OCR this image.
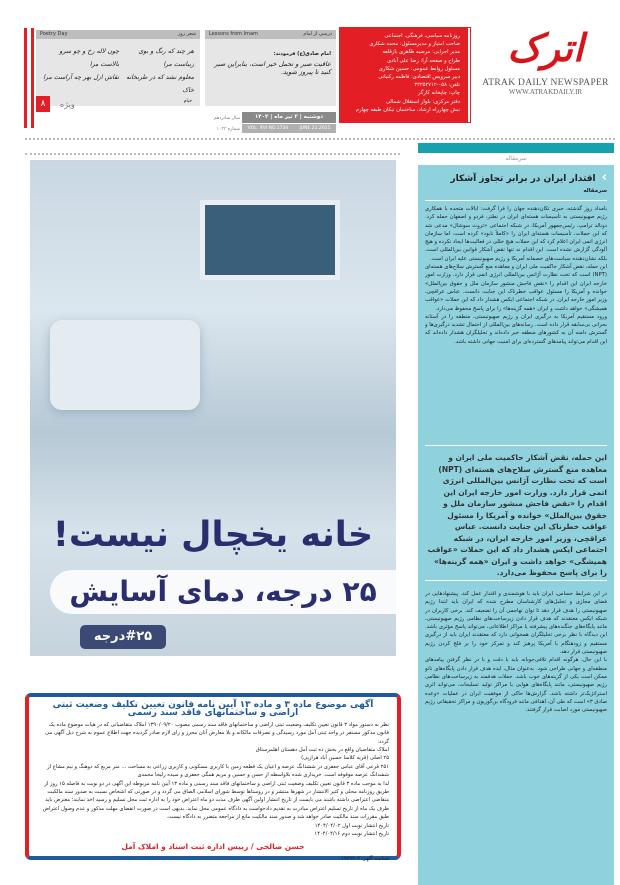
اترک
ATRAK DAILY NEWSPAPER
WWW.ATRAKDAILY.IR
روزنامه سیاسی، فرهنگی، اجتماعی
صاحب امتیاز و مدیرمسئول: محمد شکاری
مدیر اجرایی: مرضیه ظاهری بازقلعه
طراح و صفحه آرا: رضا علی آبادی
مسئول روابط عمومی: حسین شکاری
دبیر سرویس اقتصادی: فاطمه رکنیانی
تلفن: ۰۵۸-۳۲۲۵۲۷۱۲
چاپ: چاپخانه کارگر
دفتر مرکزی: بلوار استقلال شمالی
نبش چهارراه ارشاد، ساختمان نیکان طبقه چهارم
Lessons from Imam	درسی از امام
امام صادق(ع) فرمودند:
عاقبت صبر و تحمل خیر است، بنابراین صبر کنید تا پیروز شوید.
Poetry Day	شعر روز
هر چند که رنگ و بوی زیباست مرا
معلوم نشد که در طربخانه خاک
چون لاله رخ و چو سرو بالاست مرا
نقاش ازل بهر چه آراست مرا
خیام
۸	ویژه
دوشنبه | ۲ تیر ماه | ۱۴۰۴
VOL. XVI NO.1734	JUNE.23.2025
سال شانزدهم
شماره ۱۰۳۳
خانه یخچال نیست!
۲۵ درجه، دمای آسایش
#۲۵درجه
آگهی موضوع ماده ۳ و ماده ۱۳ آیین نامه قانون تعیین تکلیف وضعیت ثبتی اراضی و ساختمانهای فاقد سند رسمی
نظر به دستور مواد ۳ قانون تعیین تکلیف وضعیت ثبتی اراضی و ساختمانهای فاقد سند رسمی مصوب ۱۳۹۰/۰۹/۲۰ املاک متقاضیانی که در هیات موضوع ماده یک قانون مذکور مستقر در واحد ثبتی آمل مورد رسیدگی و تصرفات مالکانه و بلا معارض آنان محرز و رای لازم صادر گردیده جهت اطلاع عموم به شرح ذیل آگهی می گردد:
املاک متقاضیان واقع در بخش ده ثبت آمل دهستان اهلمرستاق
۲۵ اصلی (قریه کلاسا حسین آباد هرازپی)
۲۵۱ فرعی آقای عباس جعفری در ششدانگ عرصه و اعیان یک قطعه زمین با کاربری مسکونی و کاربری زراعی به مساحت ... متر مربع که دوهنگ و نیم مشاع از ششدانگ عرصه موقوفه است. خریداری شده بلاواسطه از حسن و حسین و مریم همگی جعفری و سیده زلیخا محمدی
لذا به موجب ماده ۳ قانون تعیین تکلیف وضعیت ثبتی اراضی و ساختمانهای فاقد سند رسمی و ماده ۱۳ آیین نامه مربوطه این آگهی در دو نوبت به فاصله ۱۵ روز از طریق روزنامه محلی و کثیر الانتشار در شهرها منتشر و در روستاها توسط شورای اسلامی الصاق می گردد و در صورتی که اشخاص نسبت به صدور سند مالکیت متقاضی اعتراضی داشته باشند می بایست از تاریخ انتشار اولین آگهی ظرف مدت دو ماه اعتراض خود را به اداره ثبت محل تسلیم و رسید اخذ نمایند؛ معترض باید ظرف یک ماه از تاریخ تسلیم اعتراض مبادرت به تقدیم دادخواست به دادگاه عمومی محل نماید. بدیهی است در صورت انقضای مهلت مذکور و عدم وصول اعتراض طبق مقررات سند مالکیت صادر خواهد شد و صدور سند مالکیت مانع از مراجعه متضرر به دادگاه نیست.
تاریخ انتشار نوبت اول ۱۴۰۴/۰۴/۰۲
تاریخ انتشار نوبت دوم ۱۴۰۴/۰۴/۱۶
حسن صالحی / رییس اداره ثبت اسناد و املاک آمل
شناسه آگهی ۱۹۲۹۹۰۲
سرمقاله
› اقتدار ایران در برابر تجاوز آشکار
سرمقاله

بامداد روز گذشته، خبری تکان‌دهنده جهان را فرا گرفت: ایالات متحده با همکاری رژیم صهیونیستی به تأسیسات هسته‌ای ایران در نطنز، فردو و اصفهان حمله کرد. دونالد ترامپ، رئیس‌جمهور آمریکا، در شبکه اجتماعی «تروث سوشال» مدعی شد که این حملات، تأسیسات هسته‌ای ایران را «کاملاً نابود» کرده است. اما سازمان انرژی اتمی ایران اعلام کرد که این حملات هیچ خللی در فعالیت‌ها ایجاد نکرده و هیچ آلودگی گزارش نشده است. این اقدام نه تنها نقض آشکار قوانین بین‌المللی است، بلکه نشان‌دهنده سیاست‌های خصمانه آمریکا و رژیم صهیونیستی علیه ایران است.

این حمله، نقض آشکار حاکمیت ملی ایران و معاهده منع گسترش سلاح‌های هسته‌ای (NPT) است که تحت نظارت آژانس بین‌المللی انرژی اتمی قرار دارد. وزارت امور خارجه ایران این اقدام را «نقض فاحش منشور سازمان ملل و حقوق بین‌الملل» خوانده و آمریکا را مسئول عواقب خطرناک این جنایت دانست. عباس عراقچی، وزیر امور خارجه ایران، در شبکه اجتماعی ایکس هشدار داد که این حملات «عواقب همیشگی» خواهد داشت و ایران «همه گزینه‌ها» را برای پاسخ محفوظ می‌دارد.

ورود مستقیم آمریکا به درگیری ایران و رژیم صهیونیستی، منطقه را در آستانه بحرانی بی‌سابقه قرار داده است. رسانه‌های بین‌المللی از احتمال تشدید درگیری‌ها و گسترش دامنه آن به کشورهای منطقه خبر داده‌اند و تحلیلگران هشدار داده‌اند که این اقدام می‌تواند پیامدهای گسترده‌ای برای امنیت جهانی داشته باشد.

این حمله، نقض آشکار حاکمیت ملی ایران و معاهده منع گسترش سلاح‌های هسته‌ای (NPT) است که تحت نظارت آژانس بین‌المللی انرژی اتمی قرار دارد. وزارت امور خارجه ایران این اقدام را «نقض فاحش منشور سازمان ملل و حقوق بین‌الملل» خوانده و آمریکا را مسئول عواقب خطرناک این جنایت دانست. عباس عراقچی، وزیر امور خارجه ایران، در شبکه اجتماعی ایکس هشدار داد که این حملات «عواقب همیشگی» خواهد داشت و ایران «همه گزینه‌ها» را برای پاسخ محفوظ می‌دارد.

در این شرایط حساس، ایران باید با هوشمندی و اقتدار عمل کند. پیشنهادهایی در فضای مجازی و تحلیل‌های کارشناسان مطرح شده که ایران باید ابتدا رژیم صهیونیستی را هدف قرار دهد تا توان تهاجمی آن را تضعیف کند. برخی کاربران در شبکه ایکس معتقدند که هدف قرار دادن زیرساخت‌های نظامی رژیم صهیونیستی، مانند پایگاه‌های جنگنده‌های پیشرفته یا مراکز اطلاعاتی، می‌تواند پاسخ مؤثری باشد. این دیدگاه با نظر برخی تحلیلگران همخوانی دارد که معتقدند ایران باید از درگیری مستقیم و زودهنگام با آمریکا پرهیز کند و تمرکز خود را بر فلج کردن رژیم صهیونیستی قرار دهد.

با این حال، هرگونه اقدام تلافی‌جویانه باید با دقت و با در نظر گرفتن پیامدهای منطقه‌ای و جهانی طراحی شود. به‌عنوان مثال، ایده هدف قرار دادن پایگاه‌های ناتو ممکن است یکی از گزینه‌های خوب باشد. حملات هدفمند به زیرساخت‌های نظامی رژیم صهیونیستی، مانند پایگاه‌های هوایی یا مراکز تولید تسلیحات، می‌تواند اثری استراتژیک‌تر داشته باشد. گزارش‌ها حاکی از موفقیت ایران در عملیات «وعده صادق ۳» است که طی آن، اهدافی مانند فرودگاه بن‌گوریون و مراکز تحقیقاتی رژیم صهیونیستی مورد اصابت قرار گرفتند.
